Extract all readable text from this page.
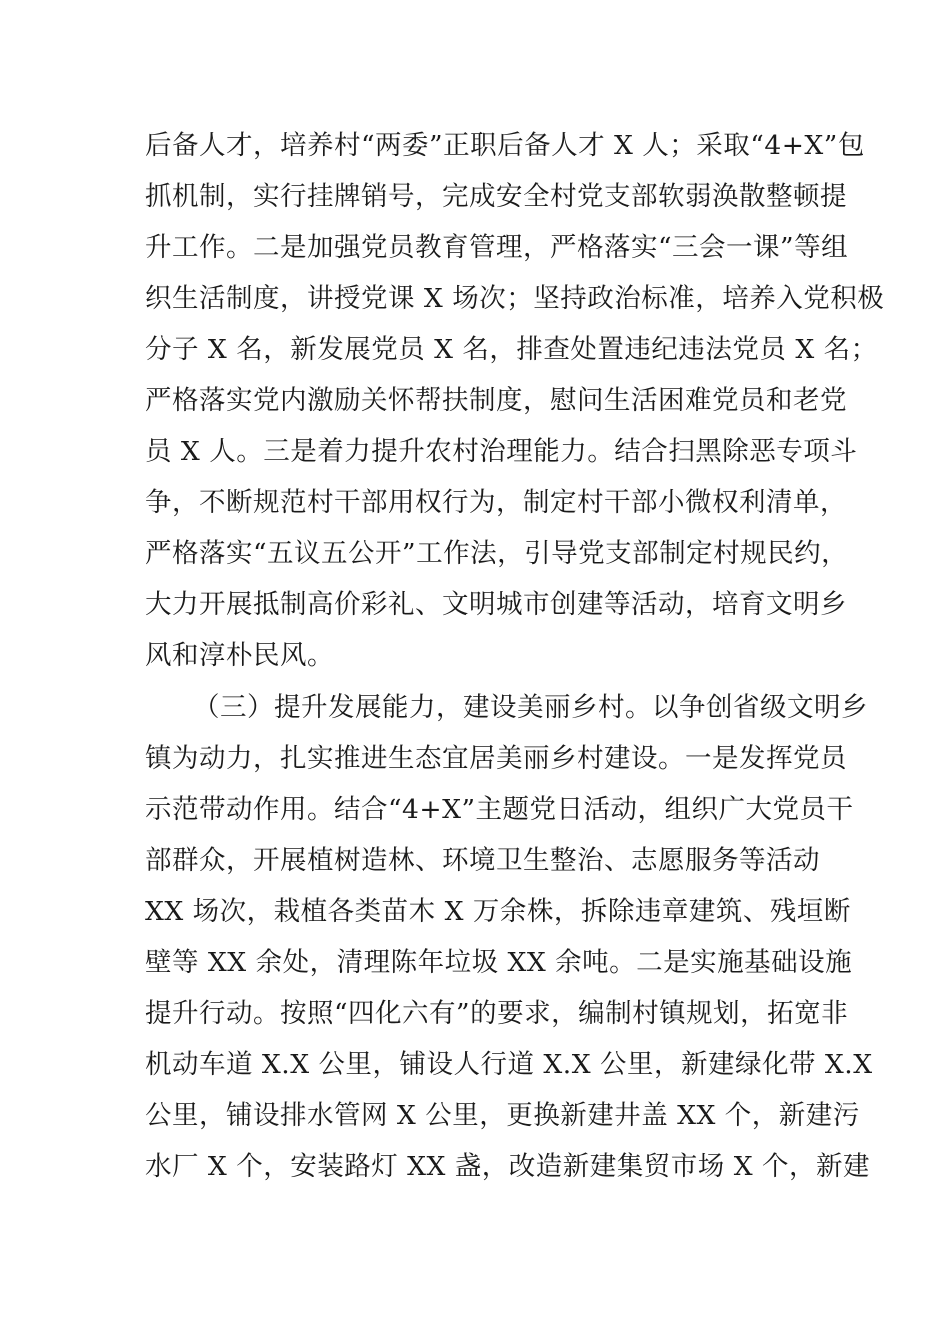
后备人才，培养村“两委”正职后备人才 X 人；采取“4+X”包
抓机制，实行挂牌销号，完成安全村党支部软弱涣散整顿提
升工作。二是加强党员教育管理，严格落实“三会一课”等组
织生活制度，讲授党课 X 场次；坚持政治标准，培养入党积极
分子 X 名，新发展党员 X 名，排查处置违纪违法党员 X 名；
严格落实党内激励关怀帮扶制度，慰问生活困难党员和老党
员 X 人。三是着力提升农村治理能力。结合扫黑除恶专项斗
争，不断规范村干部用权行为，制定村干部小微权利清单，
严格落实“五议五公开”工作法，引导党支部制定村规民约，
大力开展抵制高价彩礼、文明城市创建等活动，培育文明乡
风和淳朴民风。
（三）提升发展能力，建设美丽乡村。以争创省级文明乡
镇为动力，扎实推进生态宜居美丽乡村建设。一是发挥党员
示范带动作用。结合“4+X”主题党日活动，组织广大党员干
部群众，开展植树造林、环境卫生整治、志愿服务等活动
XX 场次，栽植各类苗木 X 万余株，拆除违章建筑、残垣断
壁等 XX 余处，清理陈年垃圾 XX 余吨。二是实施基础设施
提升行动。按照“四化六有”的要求，编制村镇规划，拓宽非
机动车道 X.X 公里，铺设人行道 X.X 公里，新建绿化带 X.X
公里，铺设排水管网 X 公里，更换新建井盖 XX 个，新建污
水厂 X 个，安装路灯 XX 盏，改造新建集贸市场 X 个，新建
